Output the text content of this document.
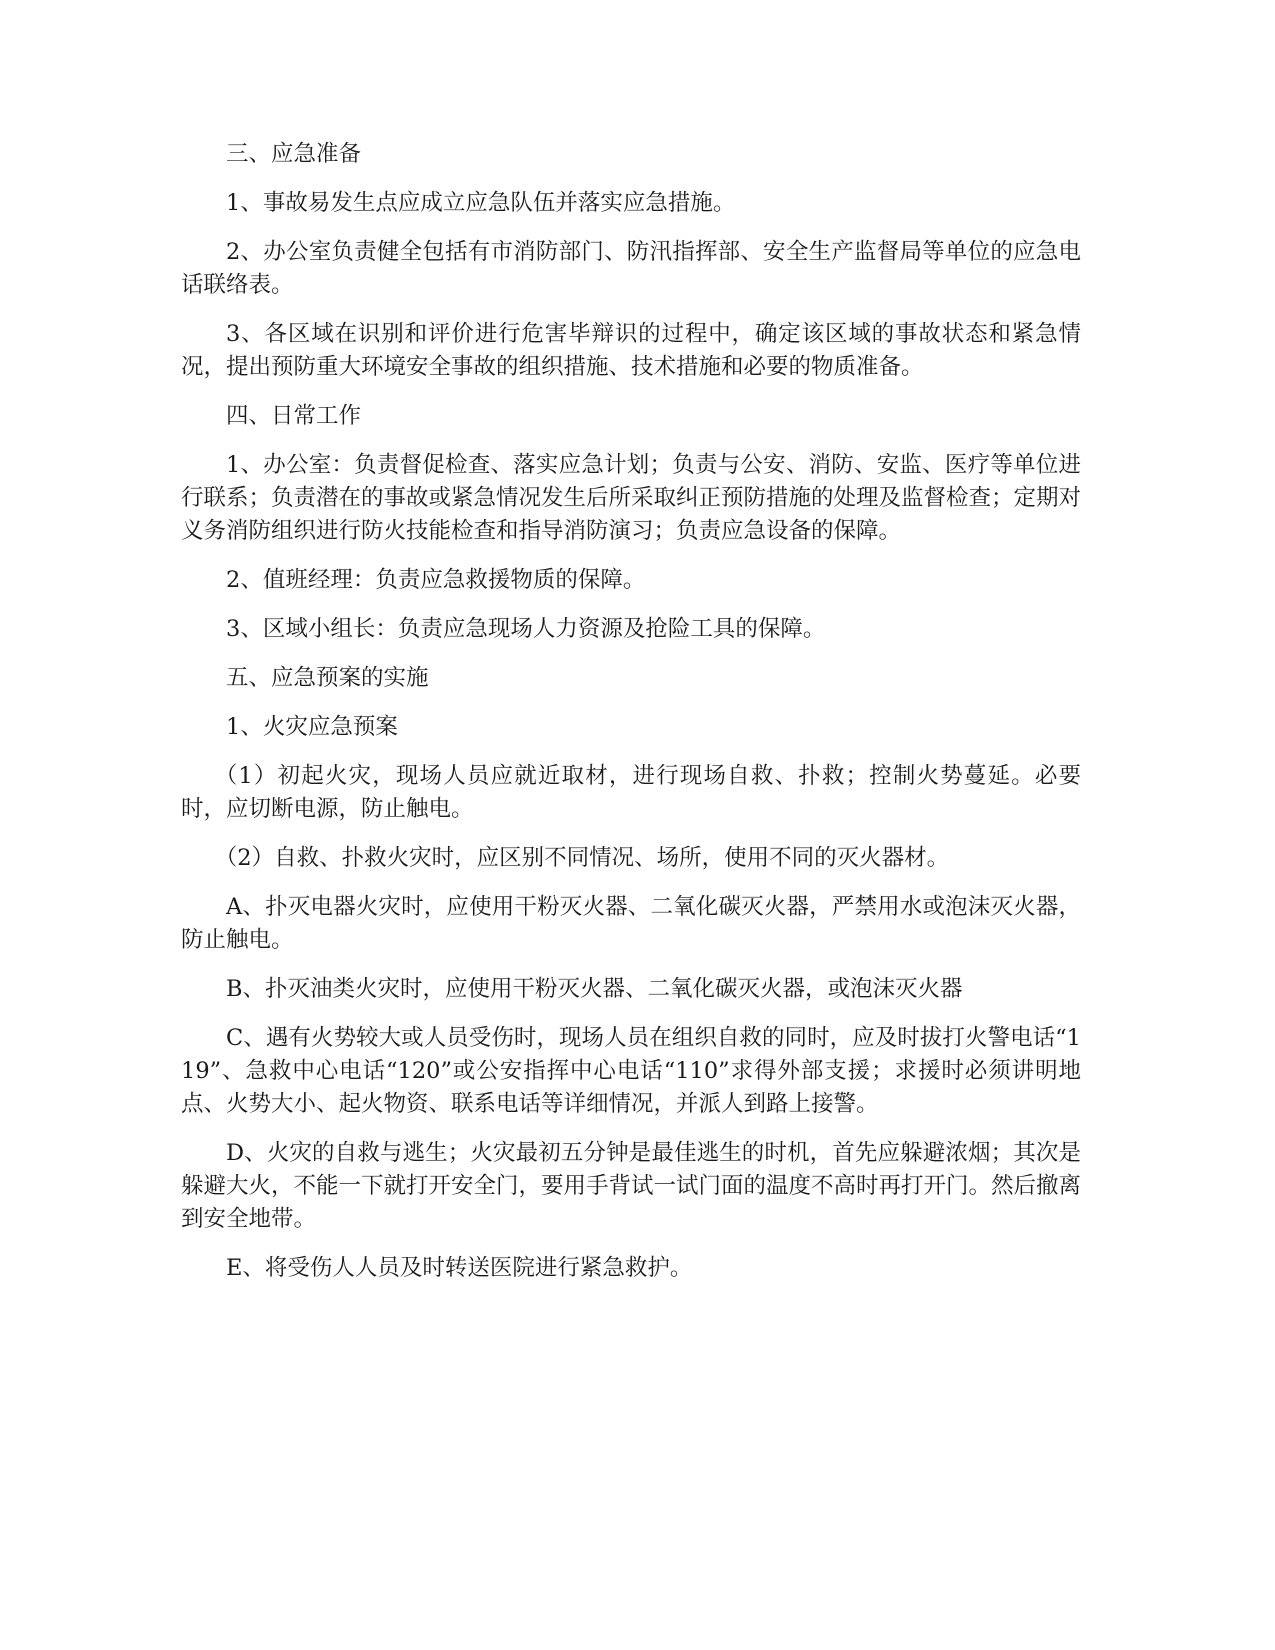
三、应急准备

1、事故易发生点应成立应急队伍并落实应急措施。

2、办公室负责健全包括有市消防部门、防汛指挥部、安全生产监督局等单位的应急电话联络表。

3、各区域在识别和评价进行危害毕辩识的过程中，确定该区域的事故状态和紧急情况，提出预防重大环境安全事故的组织措施、技术措施和必要的物质准备。

四、日常工作

1、办公室：负责督促检查、落实应急计划；负责与公安、消防、安监、医疗等单位进行联系；负责潜在的事故或紧急情况发生后所采取纠正预防措施的处理及监督检查；定期对义务消防组织进行防火技能检查和指导消防演习；负责应急设备的保障。

2、值班经理：负责应急救援物质的保障。

3、区域小组长：负责应急现场人力资源及抢险工具的保障。

五、应急预案的实施

1、火灾应急预案

（1）初起火灾，现场人员应就近取材，进行现场自救、扑救；控制火势蔓延。必要时，应切断电源，防止触电。

（2）自救、扑救火灾时，应区别不同情况、场所，使用不同的灭火器材。

A、扑灭电器火灾时，应使用干粉灭火器、二氧化碳灭火器，严禁用水或泡沫灭火器，防止触电。

B、扑灭油类火灾时，应使用干粉灭火器、二氧化碳灭火器，或泡沫灭火器

C、遇有火势较大或人员受伤时，现场人员在组织自救的同时，应及时拔打火警电话“119”、急救中心电话“120”或公安指挥中心电话“110”求得外部支援；求援时必须讲明地点、火势大小、起火物资、联系电话等详细情况，并派人到路上接警。

D、火灾的自救与逃生；火灾最初五分钟是最佳逃生的时机，首先应躲避浓烟；其次是躲避大火，不能一下就打开安全门，要用手背试一试门面的温度不高时再打开门。然后撤离到安全地带。

E、将受伤人人员及时转送医院进行紧急救护。
